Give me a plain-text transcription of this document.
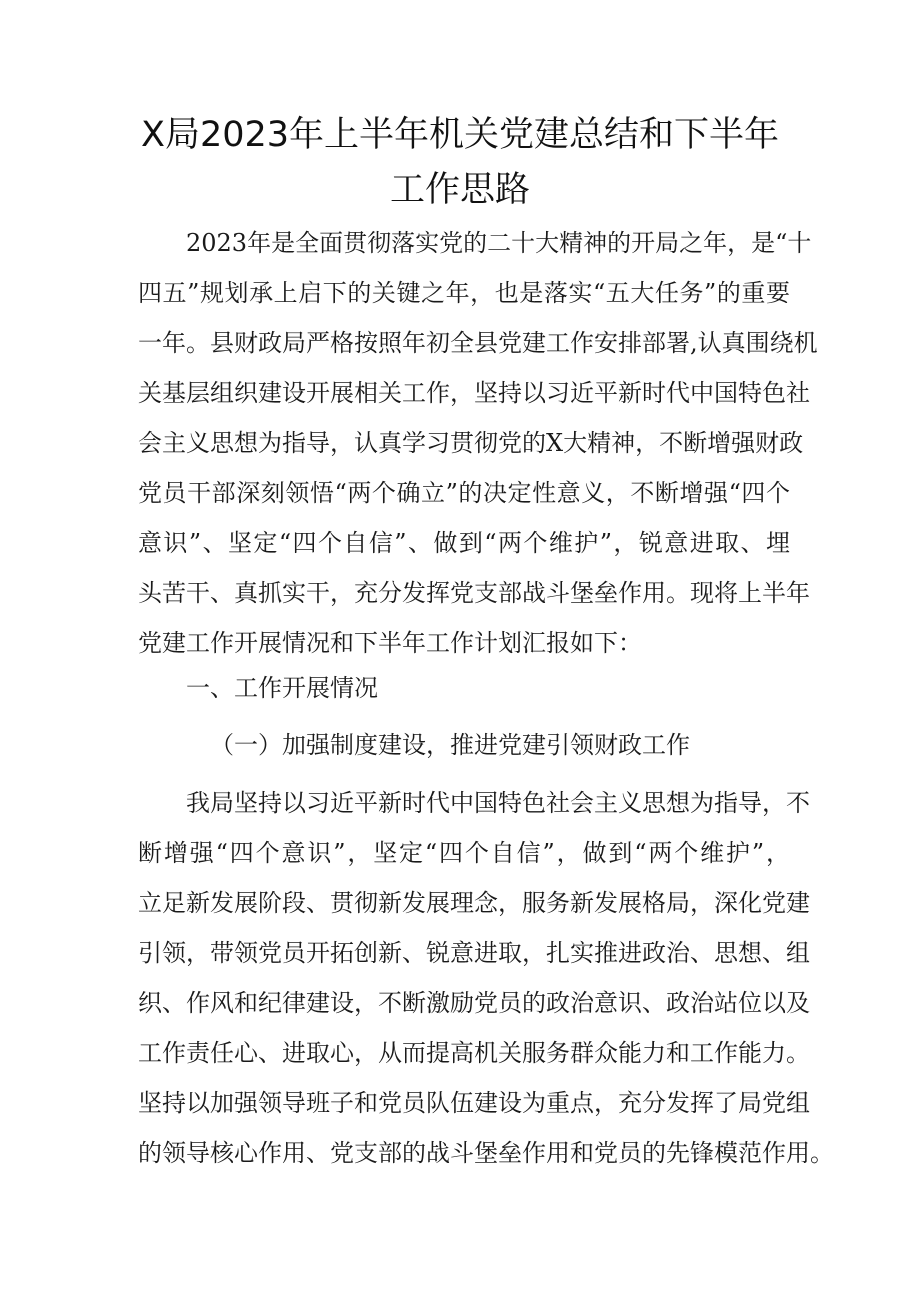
X局2023年上半年机关党建总结和下半年
工作思路
2023年是全面贯彻落实党的二十大精神的开局之年，是“十
四五”规划承上启下的关键之年，也是落实“五大任务”的重要
一年。县财政局严格按照年初全县党建工作安排部署,认真围绕机
关基层组织建设开展相关工作，坚持以习近平新时代中国特色社
会主义思想为指导，认真学习贯彻党的X大精神，不断增强财政
党员干部深刻领悟“两个确立”的决定性意义，不断增强“四个
意识”、坚定“四个自信”、做到“两个维护”，锐意进取、埋
头苦干、真抓实干，充分发挥党支部战斗堡垒作用。现将上半年
党建工作开展情况和下半年工作计划汇报如下：
一、工作开展情况
（一）加强制度建设，推进党建引领财政工作
我局坚持以习近平新时代中国特色社会主义思想为指导，不
断增强“四个意识”，坚定“四个自信”，做到“两个维护”，
立足新发展阶段、贯彻新发展理念，服务新发展格局，深化党建
引领，带领党员开拓创新、锐意进取，扎实推进政治、思想、组
织、作风和纪律建设，不断激励党员的政治意识、政治站位以及
工作责任心、进取心，从而提高机关服务群众能力和工作能力。
坚持以加强领导班子和党员队伍建设为重点，充分发挥了局党组
的领导核心作用、党支部的战斗堡垒作用和党员的先锋模范作用。
